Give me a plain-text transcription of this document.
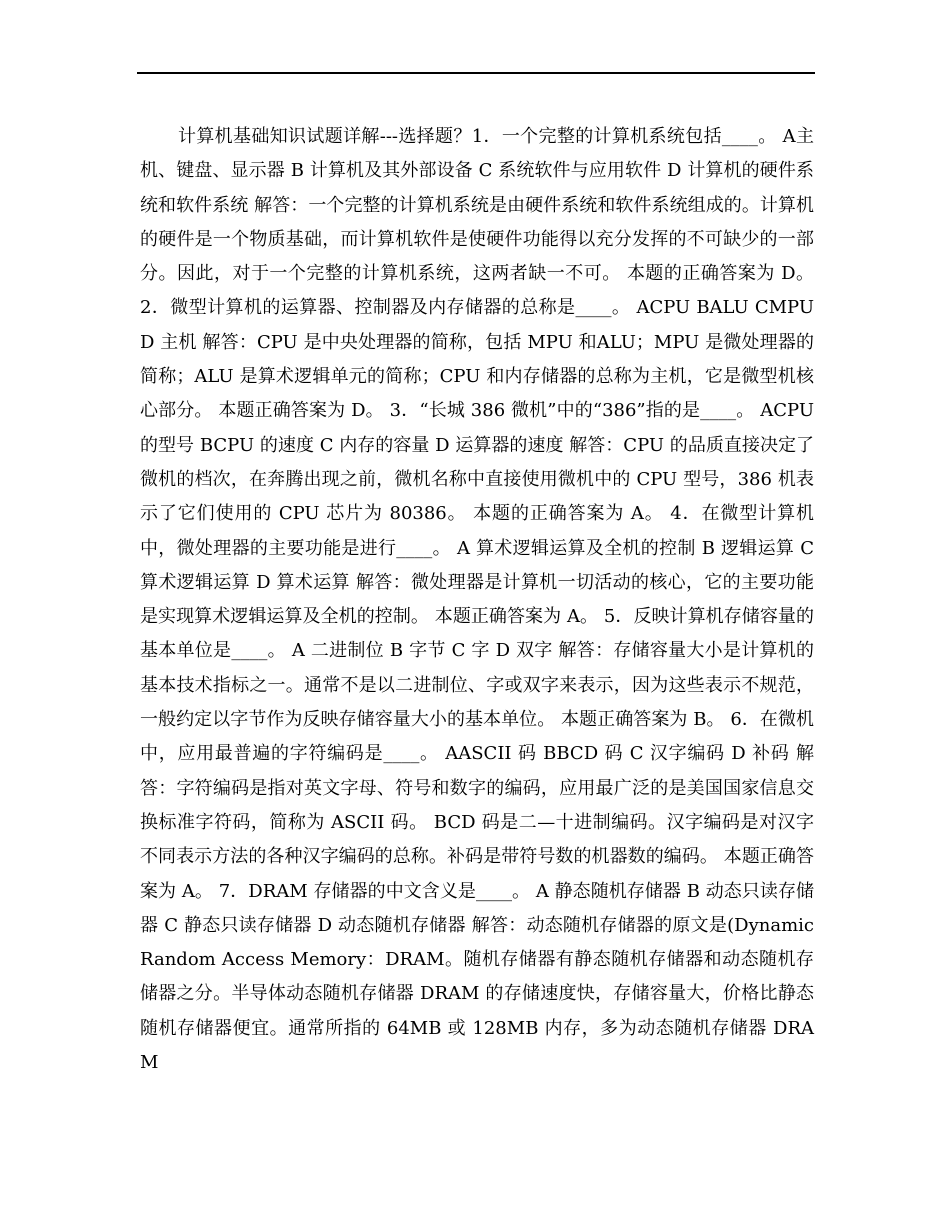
计算机基础知识试题详解---选择题？1．一个完整的计算机系统包括____。 A主机、键盘、显示器 B 计算机及其外部设备 C 系统软件与应用软件 D 计算机的硬件系统和软件系统 解答：一个完整的计算机系统是由硬件系统和软件系统组成的。计算机的硬件是一个物质基础，而计算机软件是使硬件功能得以充分发挥的不可缺少的一部分。因此，对于一个完整的计算机系统，这两者缺一不可。 本题的正确答案为 D。 2．微型计算机的运算器、控制器及内存储器的总称是____。 ACPU BALU CMPU D 主机 解答：CPU 是中央处理器的简称，包括 MPU 和ALU；MPU 是微处理器的简称；ALU 是算术逻辑单元的简称；CPU 和内存储器的总称为主机，它是微型机核心部分。 本题正确答案为 D。 3．“长城 386 微机”中的“386”指的是____。 ACPU 的型号 BCPU 的速度 C 内存的容量 D 运算器的速度 解答：CPU 的品质直接决定了微机的档次，在奔腾出现之前，微机名称中直接使用微机中的 CPU 型号，386 机表示了它们使用的 CPU 芯片为 80386。 本题的正确答案为 A。 4．在微型计算机中，微处理器的主要功能是进行____。 A 算术逻辑运算及全机的控制 B 逻辑运算 C 算术逻辑运算 D 算术运算 解答：微处理器是计算机一切活动的核心，它的主要功能是实现算术逻辑运算及全机的控制。 本题正确答案为 A。 5．反映计算机存储容量的基本单位是____。 A 二进制位 B 字节 C 字 D 双字 解答：存储容量大小是计算机的基本技术指标之一。通常不是以二进制位、字或双字来表示，因为这些表示不规范，一般约定以字节作为反映存储容量大小的基本单位。 本题正确答案为 B。 6．在微机中，应用最普遍的字符编码是____。 AASCII 码 BBCD 码 C 汉字编码 D 补码 解答：字符编码是指对英文字母、符号和数字的编码，应用最广泛的是美国国家信息交换标准字符码，简称为 ASCII 码。 BCD 码是二—十进制编码。汉字编码是对汉字不同表示方法的各种汉字编码的总称。补码是带符号数的机器数的编码。 本题正确答案为 A。 7．DRAM 存储器的中文含义是____。 A 静态随机存储器 B 动态只读存储器 C 静态只读存储器 D 动态随机存储器 解答：动态随机存储器的原文是(Dynamic Random Access Memory：DRAM。随机存储器有静态随机存储器和动态随机存储器之分。半导体动态随机存储器 DRAM 的存储速度快，存储容量大，价格比静态随机存储器便宜。通常所指的 64MB 或 128MB 内存，多为动态随机存储器 DRAM
